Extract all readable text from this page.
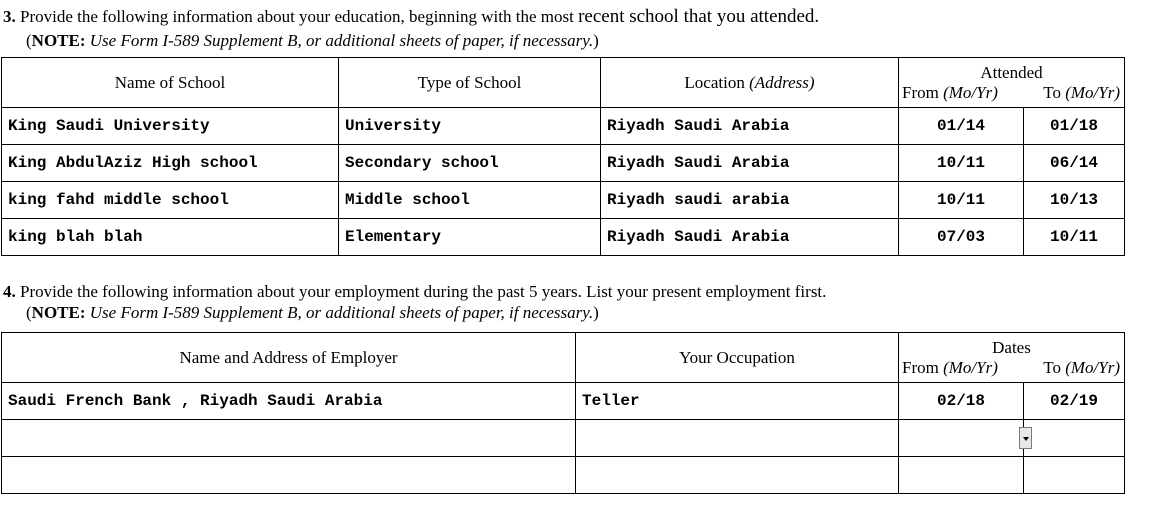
3. Provide the following information about your education, beginning with the most recent school that you attended.
(NOTE: Use Form I-589 Supplement B, or additional sheets of paper, if necessary.)
Name of School	Type of School	Location (Address)	Attended
From (Mo/Yr) To (Mo/Yr)	

King Saudi University	University	Riyadh Saudi Arabia	01/14	01/18
King AbdulAziz High school	Secondary school	Riyadh Saudi Arabia	10/11	06/14
king fahd middle school	Middle school	Riyadh saudi arabia	10/11	10/13
king blah blah	Elementary	Riyadh Saudi Arabia	07/03	10/11
4. Provide the following information about your employment during the past 5 years. List your present employment first.
(NOTE: Use Form I-589 Supplement B, or additional sheets of paper, if necessary.)
Name and Address of Employer	Your Occupation	Dates
From (Mo/Yr) To (Mo/Yr)	

Saudi French Bank , Riyadh Saudi Arabia	Teller	02/18	02/19
